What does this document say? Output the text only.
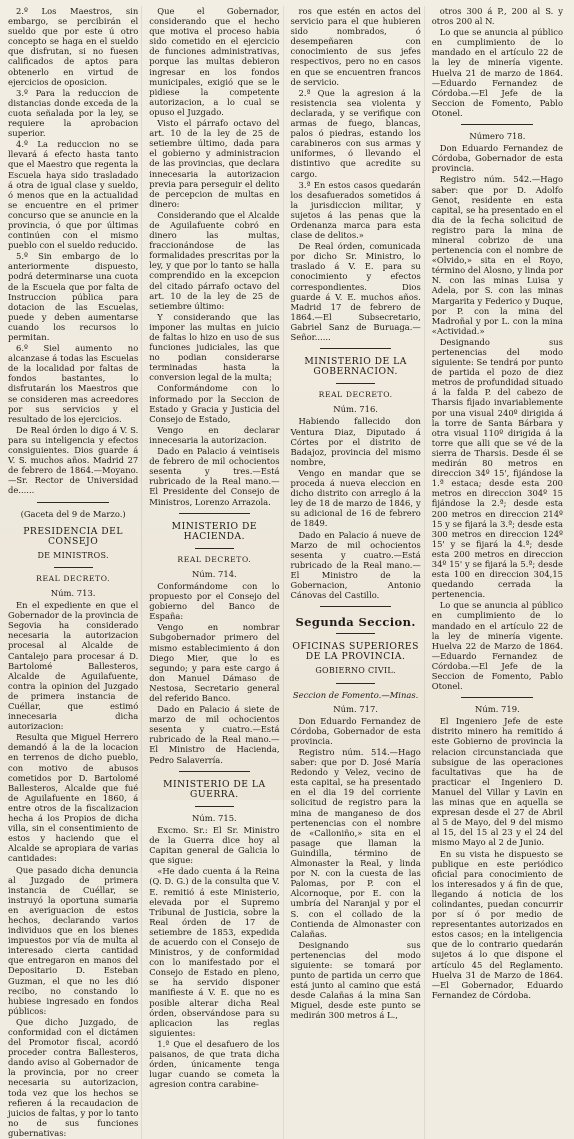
2.º Los Maestros, sin embargo, se percibirán el sueldo que por este ú otro concepto se haga en el sueldo que disfrutan, si no fuesen calificados de aptos para obtenerlo en virtud de ejercicios de oposicion.

3.º Para la reduccion de distancias donde exceda de la cuota señalada por la ley, se requiere la aprobacion superior.

4.º La reduccion no se llevará á efecto hasta tanto que el Maestro que regenta la Escuela haya sido trasladado á otra de igual clase y sueldo, ó menos que en la actualidad se encuentre en el primer concurso que se anuncie en la provincia, ó que por últimas continúen con el mismo pueblo con el sueldo reducido.

5.º Sin embargo de lo anteriormente dispuesto, podrá determinarse una cuota de la Escuela que por falta de Instruccion pública para dotacion de las Escuelas, puede y deben aumentarse cuando los recursos lo permitan.

6.º Siel aumento no alcanzase á todas las Escuelas de la localidad por faltas de fondos bastantes, lo disfrutarán los Maestros que se consideren mas acreedores por sus servicios y el resultado de los ejercicios.

De Real órden lo digo á V. S. para su inteligencia y efectos consiguientes. Dios guarde á V. S. muchos años. Madrid 27 de febrero de 1864.—Moyano.—Sr. Rector de Universidad de......

(Gaceta del 9 de Marzo.)

PRESIDENCIA DEL CONSEJO

DE MINISTROS.

REAL DECRETO.

Núm. 713.

En el expediente en que el Gobernador de la provincia de Segovia ha considerado necesaria la autorizacion procesal al Alcalde de Cantalejo para procesar á D. Bartolomé Ballesteros, Alcalde de Aguilafuente, contra la opinion del Juzgado de primera instancia de Cuéllar, que estimó innecesaria dicha autorizacion:

Resulta que Miguel Herrero demandó á la de la locacion en terrenos de dicho pueblo, con motivo de abusos cometidos por D. Bartolomé Ballesteros, Alcalde que fué de Aguilafuente en 1860, á entre otros de la fiscalizacion hecha á los Propios de dicha villa, sin el consentimiento de estos y haciendo que el Alcalde se apropiara de varias cantidades:

Que pasado dicha denuncia al Juzgado de primera instancia de Cuéllar, se instruyó la oportuna sumaria en averiguacion de estos hechos, declarando varios individuos que en los bienes impuestos por vía de multa al interesado cierta cantidad que entregaron en manos del Depositario D. Esteban Guzman, el que no les dió recibo, no constando lo hubiese ingresado en fondos públicos:

Que dicho Juzgado, de conformidad con el dictámen del Promotor fiscal, acordó proceder contra Ballesteros, dando aviso al Gobernador de la provincia, por no creer necesaria su autorizacion, toda vez que los hechos se refieren á la recaudacion de juicios de faltas, y por lo tanto no de sus funciones gubernativas:

Que el Gobernador, considerando que el hecho que motiva el proceso habia sido cometido en el ejercicio de funciones administrativas, porque las multas debieron ingresar en los fondos municipales, exigió que se le pidiese la competente autorizacion, a lo cual se opuso el Juzgado.

Visto el párrafo octavo del art. 10 de la ley de 25 de setiembre último, dada para el gobierno y administracion de las provincias, que declara innecesaria la autorizacion previa para perseguir el delito de percepcion de multas en dinero:

Considerando que el Alcalde de Aguilafuente cobró en dinero las multas, fraccionándose de las formalidades prescritas por la ley, y que por lo tanto se halla comprendido en la excepcion del citado párrafo octavo del art. 10 de la ley de 25 de setiembre último:

Y considerando que las imponer las multas en juicio de faltas lo hizo en uso de sus funciones judiciales, las que no podian considerarse terminadas hasta la conversion legal de la multa;

Conformándome con lo informado por la Seccion de Estado y Gracia y Justicia del Consejo de Estado,

Vengo en declarar innecesaria la autorizacion.

Dado en Palacio á veintiseis de febrero de mil ochocientos sesenta y tres.—Está rubricado de la Real mano.—El Presidente del Consejo de Ministros, Lorenzo Arrazola.

MINISTERIO DE HACIENDA.

REAL DECRETO.

Núm. 714.

Conformándome con lo propuesto por el Consejo del gobierno del Banco de España:

Vengo en nombrar Subgobernador primero del mismo establecimiento á don Diego Mier, que lo es segundo; y para este cargo á don Manuel Dámaso de Nestosa, Secretario general del referido Banco.

Dado en Palacio á siete de marzo de mil ochocientos sesenta y cuatro.—Está rubricado de la Real mano.—El Ministro de Hacienda, Pedro Salaverría.

MINISTERIO DE LA GUERRA.

Núm. 715.

Excmo. Sr.: El Sr. Ministro de la Guerra dice hoy al Capitan general de Galicia lo que sigue:

«He dado cuenta á la Reina (Q. D. G.) de la consulta que V. E. remitió á este Ministerio, elevada por el Supremo Tribunal de Justicia, sobre la Real órden de 17 de setiembre de 1853, expedida de acuerdo con el Consejo de Ministros, y de conformidad con lo manifestado por el Consejo de Estado en pleno, se ha servido disponer manifieste á V. E. que no es posible alterar dicha Real órden, observándose para su aplicacion las reglas siguientes:

1.ª Que el desafuero de los paisanos, de que trata dicha órden, únicamente tenga lugar cuando se cometa la agresion contra carabine-

ros que estén en actos del servicio para el que hubieren sido nombrados, ó desempeñaren con conocimiento de sus jefes respectivos, pero no en casos en que se encuentren francos de servicio.

2.ª Que la agresion á la resistencia sea violenta y declarada, y se verifique con armas de fuego, blancas, palos ó piedras, estando los carabineros con sus armas y uniformes, ó llevando el distintivo que acredite su cargo.

3.ª En estos casos quedarán los desafuerados sometidos á la jurisdiccion militar, y sujetos á las penas que la Ordenanza marca para esta clase de delitos.»

De Real órden, comunicada por dicho Sr. Ministro, lo traslado á V. E. para su conocimiento y efectos correspondientes. Dios guarde á V. E. muchos años. Madrid 17 de febrero de 1864.—El Subsecretario, Gabriel Sanz de Buruaga.—Señor......

MINISTERIO DE LA GOBERNACION.

REAL DECRETO.

Núm. 716.

Habiendo fallecido don Ventura Diaz, Diputado á Córtes por el distrito de Badajoz, provincia del mismo nombre,

Vengo en mandar que se proceda á nueva eleccion en dicho distrito con arreglo á la ley de 18 de marzo de 1846, y su adicional de 16 de febrero de 1849.

Dado en Palacio á nueve de Marzo de mil ochocientos sesenta y cuatro.—Está rubricado de la Real mano.—El Ministro de la Gobernacion, Antonio Cánovas del Castillo.

Segunda Seccion.

OFICINAS SUPERIORES DE LA PROVINCIA.

GOBIERNO CIVIL.

Seccion de Fomento.—Minas.

Núm. 717.

Don Eduardo Fernandez de Córdoba, Gobernador de esta provincia.

Registro núm. 514.—Hago saber: que por D. José María Redondo y Velez, vecino de esta capital, se ha presentado en el dia 19 del corriente solicitud de registro para la mina de manganeso de dos pertenencias con el nombre de «Calloniño,» sita en el pasage que llaman la Guindilla, término de Almonaster la Real, y linda por N. con la cuesta de las Palomas, por P. con el Alcornoque, por E. con la umbría del Naranjal y por el S. con el collado de la Contienda de Almonaster con Calañas.

Designando sus pertenencias del modo siguiente: se tomará por punto de partida un cerro que está junto al camino que está desde Calañas á la mina San Miguel, desde este punto se medirán 300 metros á L.,

otros 300 á P., 200 al S. y otros 200 al N.

Lo que se anuncia al público en cumplimiento de lo mandado en el artículo 22 de la ley de minería vigente. Huelva 21 de marzo de 1864.—Eduardo Fernandez de Córdoba.—El Jefe de la Seccion de Fomento, Pablo Otonel.

Número 718.

Don Eduardo Fernandez de Córdoba, Gobernador de esta provincia.

Registro núm. 542.—Hago saber: que por D. Adolfo Genot, residente en esta capital, se ha presentado en el dia de la fecha solicitud de registro para la mina de mineral cobrizo de una pertenencia con el nombre de «Olvido,» sita en el Royo, término del Alosno, y linda por N. con las minas Luisa y Adela, por S. con las minas Margarita y Federico y Duque, por P. con la mina del Madroñal y por L. con la mina «Actividad.»

Designando sus pertenencias del modo siguiente: Se tendrá por punto de partida el pozo de diez metros de profundidad situado á la falda P. del cabezo de Tharsis fijado invariablemente por una visual 240º dirigida á la torre de Santa Bárbara y otra visual 110º dirigida á la torre que alli que se vé de la sierra de Tharsis. Desde él se medirán 80 metros en direccion 34º 15', fijándose la 1.ª estaca; desde esta 200 metros en direccion 304º 15 fijándose la 2.ª; desde esta 200 metros en direccion 214º 15 y se fijará la 3.ª; desde esta 300 metros en direccion 124º 15' y se fijará la 4.ª; desde esta 200 metros en direccion 34º 15' y se fijará la 5.ª; desde esta 100 en direccion 304,15 quedando cerrada la pertenencia.

Lo que se anuncia al público en cumplimiento de lo mandado en el artículo 22 de la ley de minería vigente. Huelva 22 de Marzo de 1864.—Eduardo Fernandez de Córdoba.—El Jefe de la Seccion de Fomento, Pablo Otonel.

Núm. 719.

El Ingeniero Jefe de este distrito minero ha remitido á este Gobierno de provincia la relacion circunstanciada que subsigue de las operaciones facultativas que ha de practicar el Ingeniero D. Manuel del Villar y Lavin en las minas que en aquella se expresan desde el 27 de Abril al 5 de Mayo, del 9 del mismo al 15, del 15 al 23 y el 24 del mismo Mayo al 2 de Junio.

En su vista he dispuesto se publique en este periódico oficial para conocimiento de los interesados y á fin de que, llegando á noticia de los colindantes, puedan concurrir por sí ó por medio de representantes autorizados en estos casos; en la inteligencia que de lo contrario quedarán sujetos á lo que dispone el artículo 45 del Reglamento. Huelva 31 de Marzo de 1864.—El Gobernador, Eduardo Fernandez de Córdoba.
